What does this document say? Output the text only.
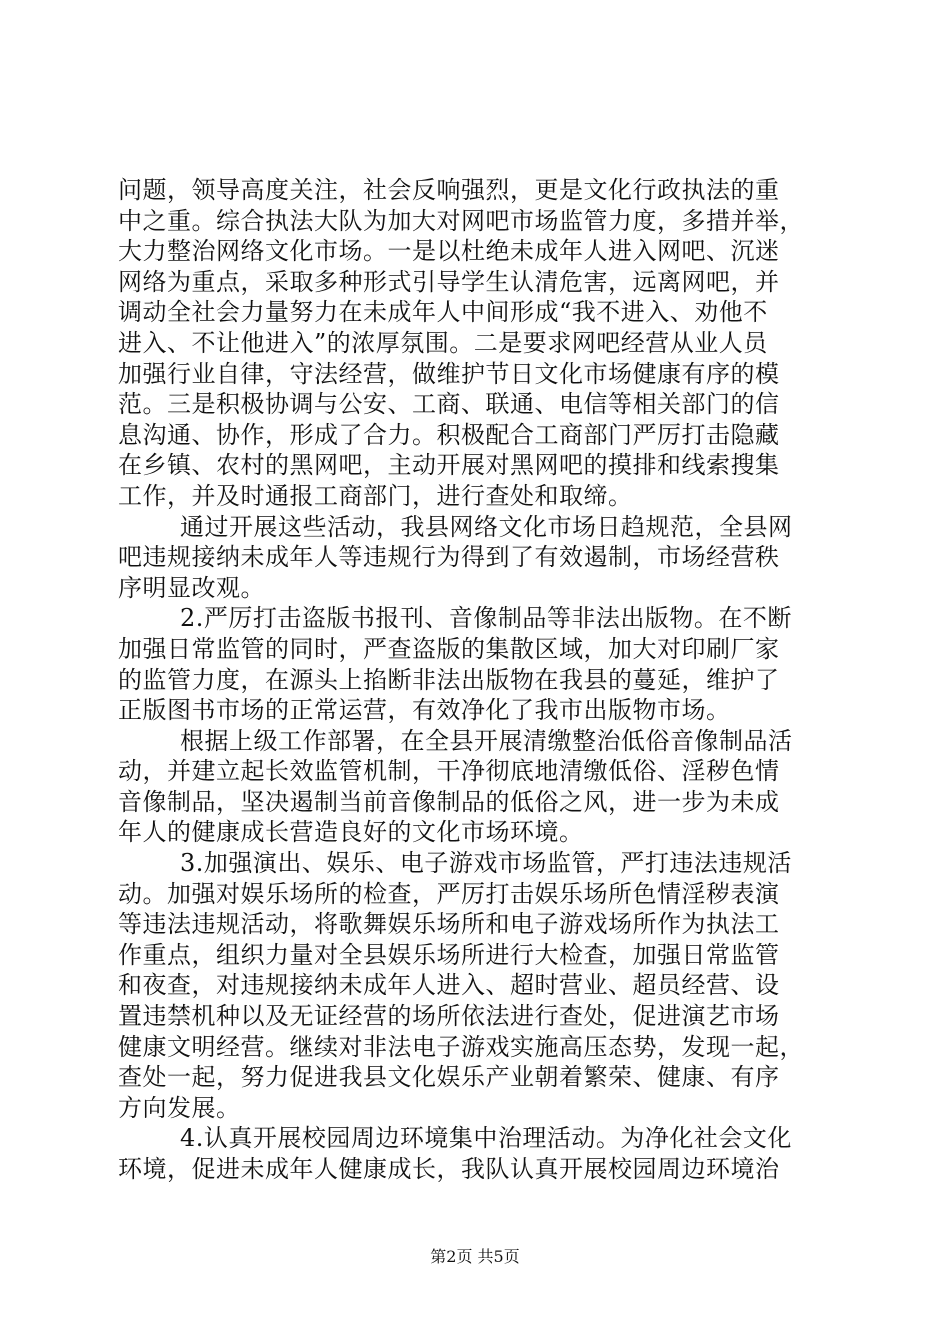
问题，领导高度关注，社会反响强烈，更是文化行政执法的重
中之重。综合执法大队为加大对网吧市场监管力度，多措并举，
大力整治网络文化市场。一是以杜绝未成年人进入网吧、沉迷
网络为重点，采取多种形式引导学生认清危害，远离网吧，并
调动全社会力量努力在未成年人中间形成“我不进入、劝他不
进入、不让他进入”的浓厚氛围。二是要求网吧经营从业人员
加强行业自律，守法经营，做维护节日文化市场健康有序的模
范。三是积极协调与公安、工商、联通、电信等相关部门的信
息沟通、协作，形成了合力。积极配合工商部门严厉打击隐藏
在乡镇、农村的黑网吧，主动开展对黑网吧的摸排和线索搜集
工作，并及时通报工商部门，进行查处和取缔。
通过开展这些活动，我县网络文化市场日趋规范，全县网
吧违规接纳未成年人等违规行为得到了有效遏制，市场经营秩
序明显改观。
2.严厉打击盗版书报刊、音像制品等非法出版物。在不断
加强日常监管的同时，严查盗版的集散区域，加大对印刷厂家
的监管力度，在源头上掐断非法出版物在我县的蔓延，维护了
正版图书市场的正常运营，有效净化了我市出版物市场。
根据上级工作部署，在全县开展清缴整治低俗音像制品活
动，并建立起长效监管机制，干净彻底地清缴低俗、淫秽色情
音像制品，坚决遏制当前音像制品的低俗之风，进一步为未成
年人的健康成长营造良好的文化市场环境。
3.加强演出、娱乐、电子游戏市场监管，严打违法违规活
动。加强对娱乐场所的检查，严厉打击娱乐场所色情淫秽表演
等违法违规活动，将歌舞娱乐场所和电子游戏场所作为执法工
作重点，组织力量对全县娱乐场所进行大检查，加强日常监管
和夜查，对违规接纳未成年人进入、超时营业、超员经营、设
置违禁机种以及无证经营的场所依法进行查处，促进演艺市场
健康文明经营。继续对非法电子游戏实施高压态势，发现一起，
查处一起，努力促进我县文化娱乐产业朝着繁荣、健康、有序
方向发展。
4.认真开展校园周边环境集中治理活动。为净化社会文化
环境，促进未成年人健康成长，我队认真开展校园周边环境治
第2页 共5页
